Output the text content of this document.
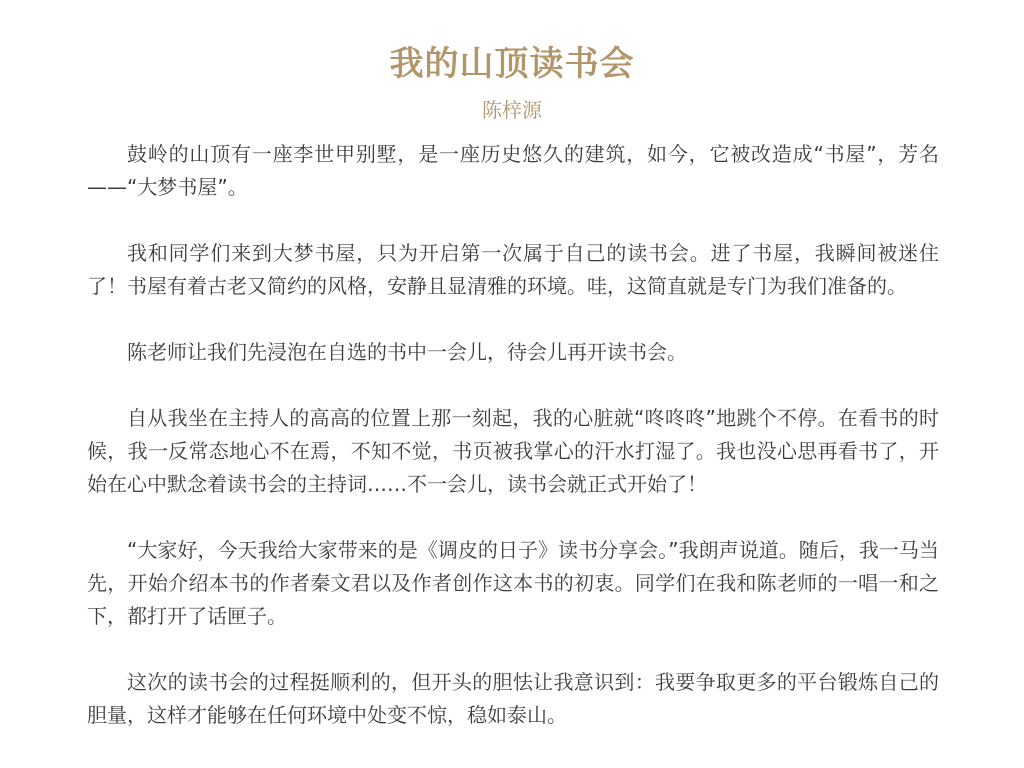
我的山顶读书会
陈梓源

鼓岭的山顶有一座李世甲别墅，是一座历史悠久的建筑，如今，它被改造成“书屋”，芳名——“大梦书屋”。

我和同学们来到大梦书屋，只为开启第一次属于自己的读书会。进了书屋，我瞬间被迷住了！书屋有着古老又简约的风格，安静且显清雅的环境。哇，这简直就是专门为我们准备的。

陈老师让我们先浸泡在自选的书中一会儿，待会儿再开读书会。

自从我坐在主持人的高高的位置上那一刻起，我的心脏就“咚咚咚”地跳个不停。在看书的时候，我一反常态地心不在焉，不知不觉，书页被我掌心的汗水打湿了。我也没心思再看书了，开始在心中默念着读书会的主持词……不一会儿，读书会就正式开始了！

“大家好，今天我给大家带来的是《调皮的日子》读书分享会。”我朗声说道。随后，我一马当先，开始介绍本书的作者秦文君以及作者创作这本书的初衷。同学们在我和陈老师的一唱一和之下，都打开了话匣子。

这次的读书会的过程挺顺利的，但开头的胆怯让我意识到：我要争取更多的平台锻炼自己的胆量，这样才能够在任何环境中处变不惊，稳如泰山。
